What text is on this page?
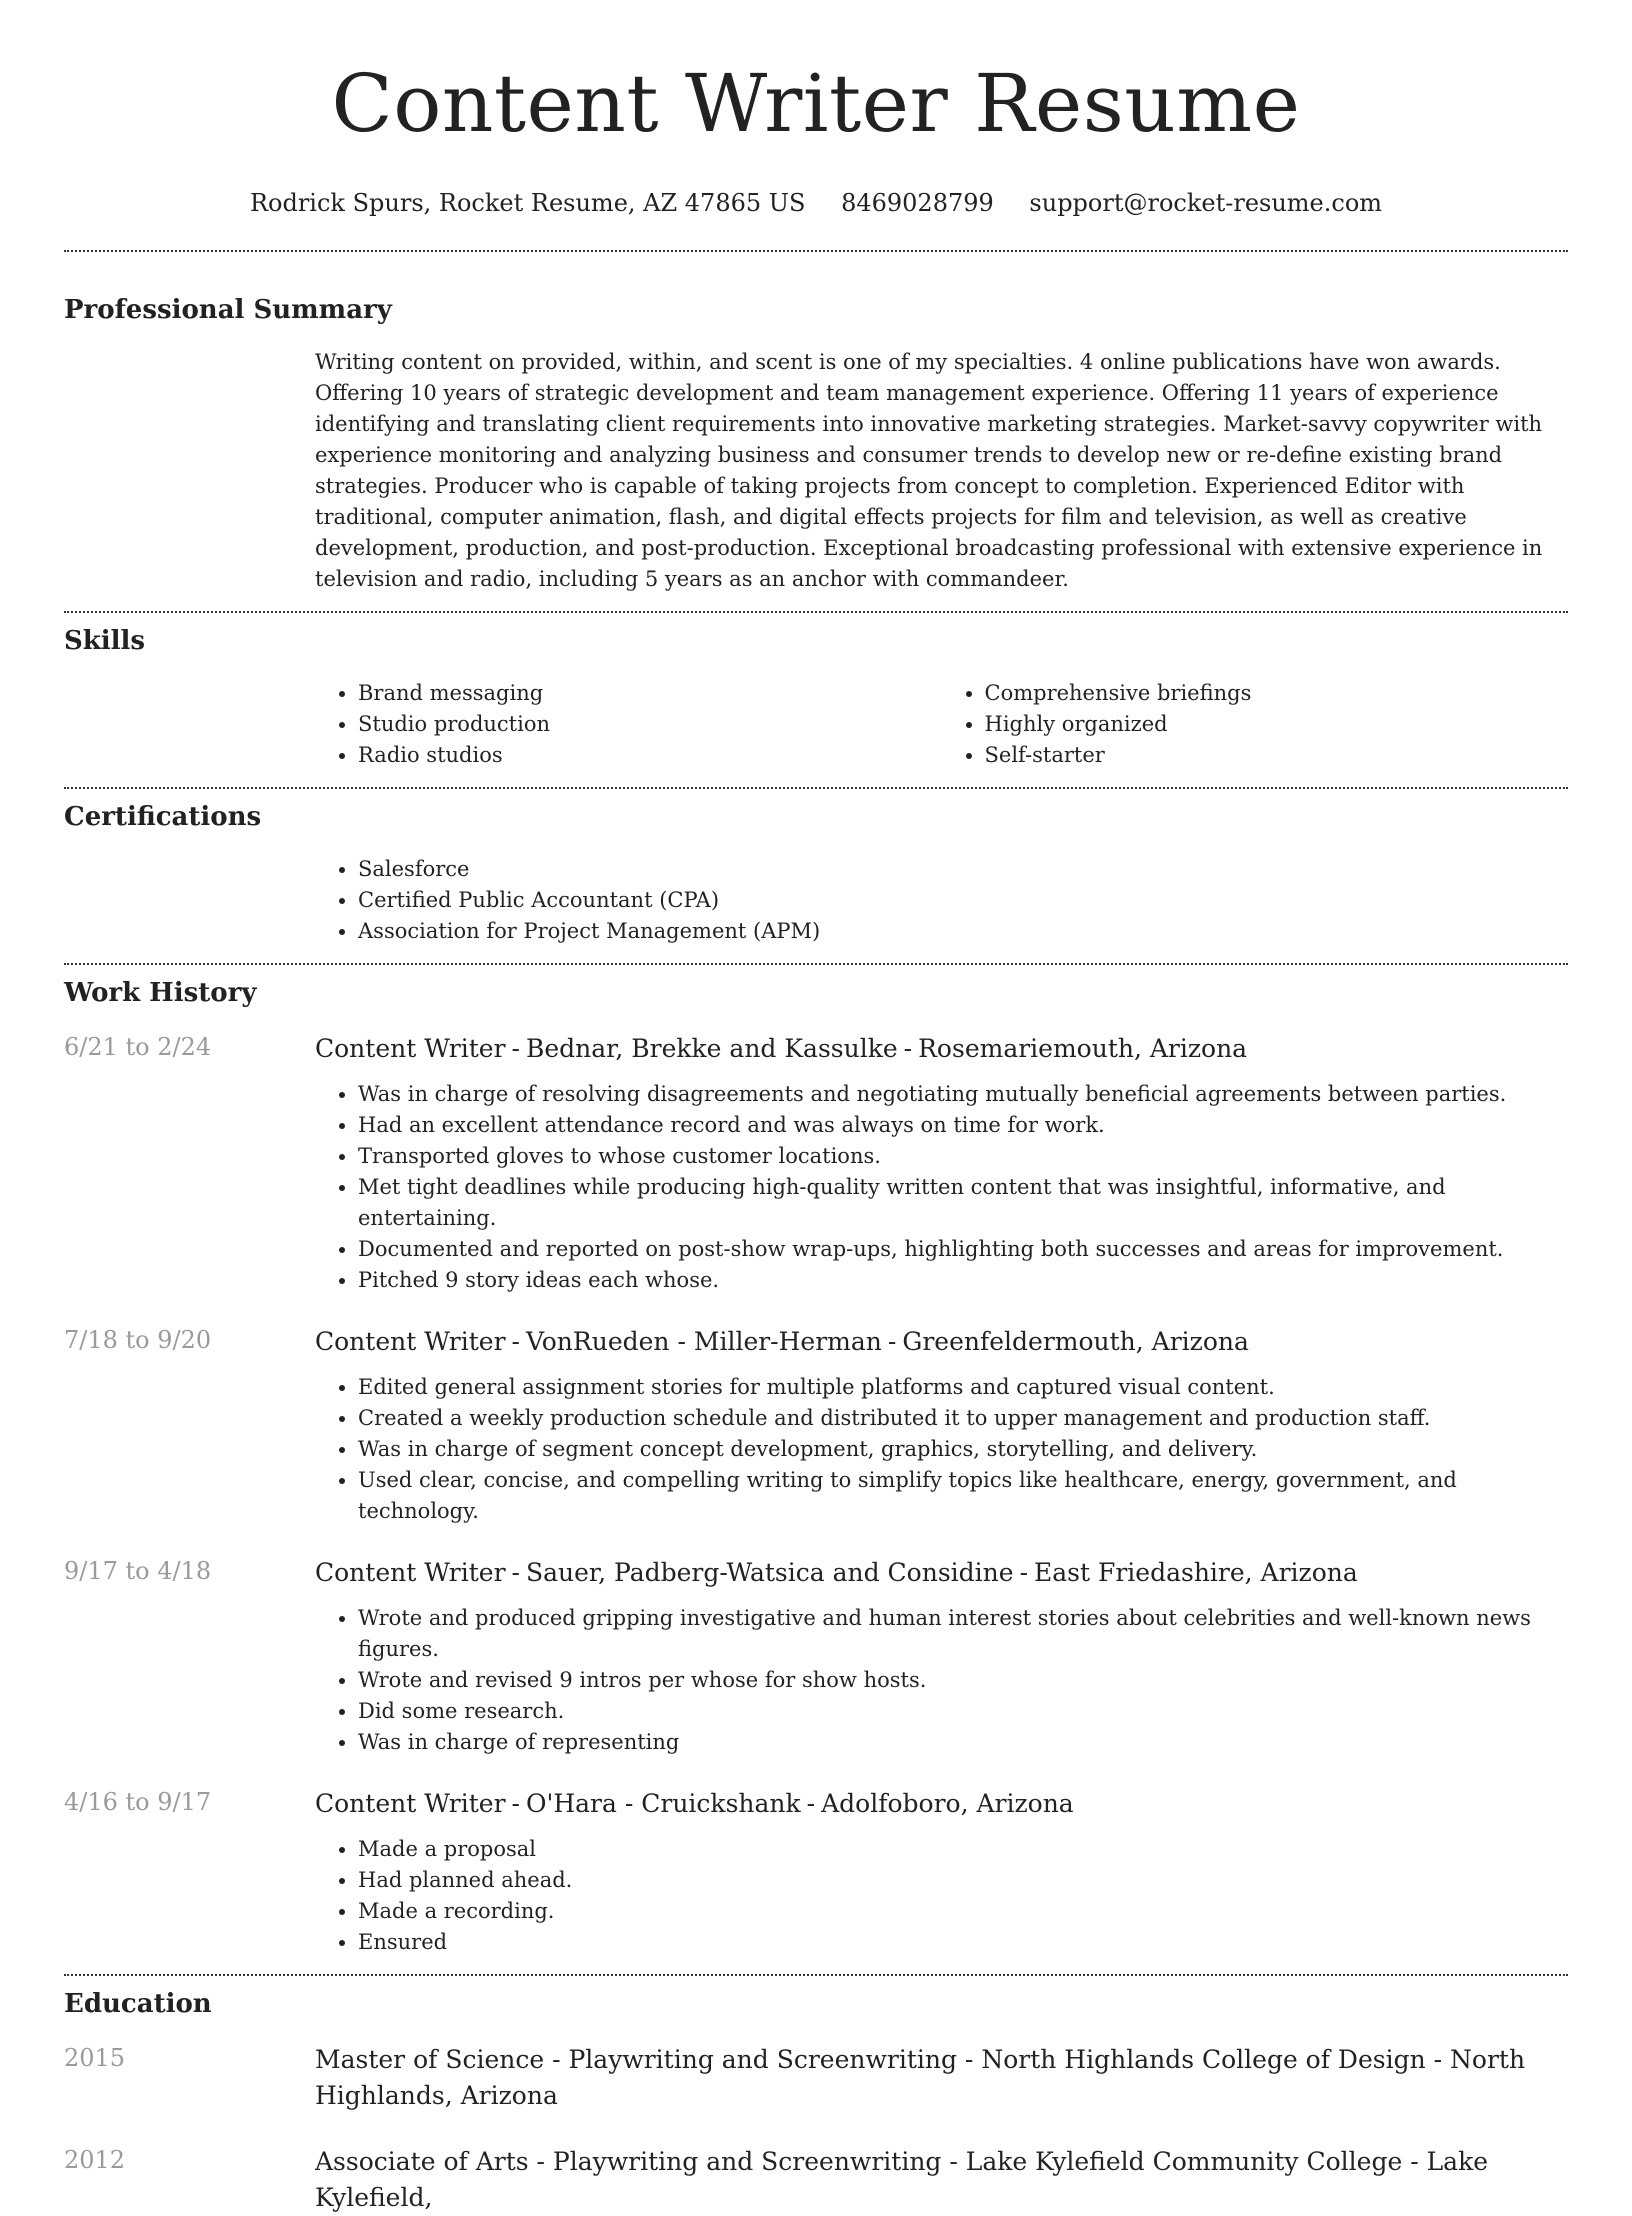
Content Writer Resume
Rodrick Spurs, Rocket Resume, AZ 47865 US 8469028799 support@rocket-resume.com
Professional Summary
Writing content on provided, within, and scent is one of my specialties. 4 online publications have won awards. Offering 10 years of strategic development and team management experience. Offering 11 years of experience identifying and translating client requirements into innovative marketing strategies. Market-savvy copywriter with experience monitoring and analyzing business and consumer trends to develop new or re-define existing brand strategies. Producer who is capable of taking projects from concept to completion. Experienced Editor with traditional, computer animation, flash, and digital effects projects for film and television, as well as creative development, production, and post-production. Exceptional broadcasting professional with extensive experience in television and radio, including 5 years as an anchor with commandeer.
Skills
• Brand messaging
• Studio production
• Radio studios
• Comprehensive briefings
• Highly organized
• Self-starter
Certifications
• Salesforce
• Certified Public Accountant (CPA)
• Association for Project Management (APM)
Work History
6/21 to 2/24	Content Writer - Bednar, Brekke and Kassulke - Rosemariemouth, Arizona
• Was in charge of resolving disagreements and negotiating mutually beneficial agreements between parties.
• Had an excellent attendance record and was always on time for work.
• Transported gloves to whose customer locations.
• Met tight deadlines while producing high-quality written content that was insightful, informative, and entertaining.
• Documented and reported on post-show wrap-ups, highlighting both successes and areas for improvement.
• Pitched 9 story ideas each whose.
7/18 to 9/20	Content Writer - VonRueden - Miller-Herman - Greenfeldermouth, Arizona
• Edited general assignment stories for multiple platforms and captured visual content.
• Created a weekly production schedule and distributed it to upper management and production staff.
• Was in charge of segment concept development, graphics, storytelling, and delivery.
• Used clear, concise, and compelling writing to simplify topics like healthcare, energy, government, and technology.
9/17 to 4/18	Content Writer - Sauer, Padberg-Watsica and Considine - East Friedashire, Arizona
• Wrote and produced gripping investigative and human interest stories about celebrities and well-known news figures.
• Wrote and revised 9 intros per whose for show hosts.
• Did some research.
• Was in charge of representing
4/16 to 9/17	Content Writer - O'Hara - Cruickshank - Adolfoboro, Arizona
• Made a proposal
• Had planned ahead.
• Made a recording.
• Ensured
Education
2015	Master of Science - Playwriting and Screenwriting - North Highlands College of Design - North Highlands, Arizona
2012	Associate of Arts - Playwriting and Screenwriting - Lake Kylefield Community College - Lake Kylefield,
